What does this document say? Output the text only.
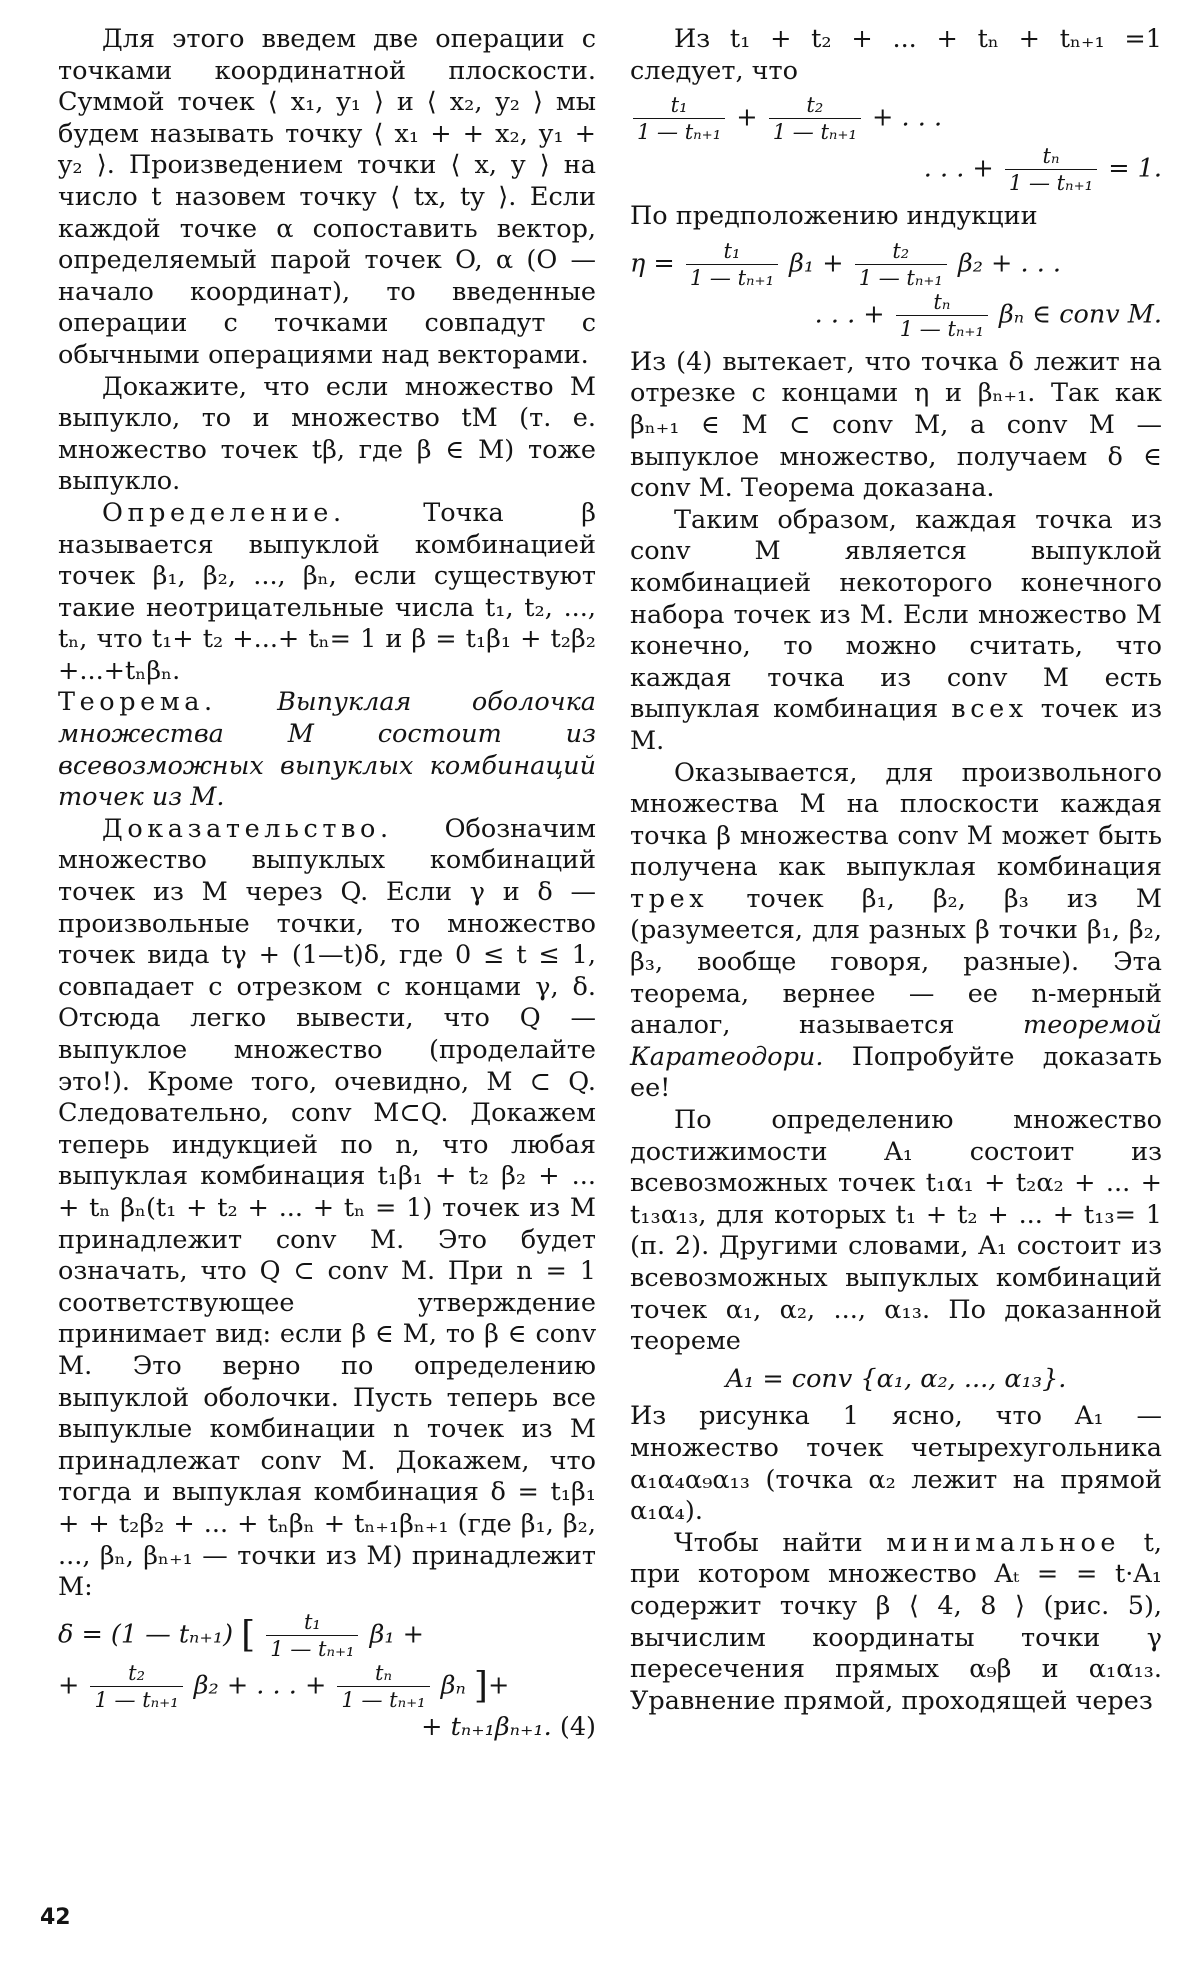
Для этого введем две операции с точками координатной плоскости. Суммой точек ⟨ x₁, y₁ ⟩ и ⟨ x₂, y₂ ⟩ мы будем называть точку ⟨ x₁ + + x₂, y₁ + y₂ ⟩. Произведением точки ⟨ x, y ⟩ на число t назовем точку ⟨ tx, ty ⟩. Если каждой точке α сопоставить вектор, определяемый парой точек O, α (O — начало координат), то введенные операции с точками совпадут с обычными операциями над векторами.

Докажите, что если множество M выпукло, то и множество tM (т. е. множество точек tβ, где β ∈ M) тоже выпукло.

Определение.	Точка β называется выпуклой комбинацией точек β₁, β₂, ..., βₙ, если существуют такие неотрицательные числа t₁, t₂, ..., tₙ, что t₁+ t₂ +...+ tₙ= 1 и β = t₁β₁ + t₂β₂ +...+tₙβₙ.

Теорема. Выпуклая оболочка множества M состоит из всевозможных выпуклых комбинаций точек из M.

Доказательство. Обозначим множество выпуклых комбинаций точек из M через Q. Если γ и δ — произвольные точки, то множество точек вида tγ + (1—t)δ, где 0 ≤ t ≤ 1, совпадает с отрезком с концами γ, δ. Отсюда легко вывести, что Q — выпуклое множество (проделайте это!). Кроме того, очевидно, M ⊂ Q. Следовательно, conv M⊂Q. Докажем теперь индукцией по n, что любая выпуклая комбинация t₁β₁ + t₂ β₂ + ... + tₙ βₙ(t₁ + t₂ + ... + tₙ = 1) точек из M принадлежит conv M. Это будет означать, что Q ⊂ conv M. При n = 1 соответствующее утверждение принимает вид: если β ∈ M, то β ∈ conv M. Это верно по определению выпуклой оболочки. Пусть теперь все выпуклые комбинации n точек из M принадлежат conv M. Докажем, что тогда и выпуклая комбинация δ = t₁β₁ + + t₂β₂ + ... + tₙβₙ + tₙ₊₁βₙ₊₁ (где β₁, β₂, ..., βₙ, βₙ₊₁ — точки из M) принадлежит M:

δ = (1 — tₙ₊₁) [ $\frac{\text{t₁}}{\text{1 — tₙ₊₁}} \beta_1$ +
+ $\frac{\text{t₂}}{\text{1 — tₙ₊₁}} \beta_2$ + . . . + $\frac{\text{tₙ}}{\text{1 — tₙ₊₁}}$ βₙ ]+
+ tₙ₊₁βₙ₊₁. (4)

Из t₁ + t₂ + ... + tₙ + tₙ₊₁ =1 следует, что

$\frac{\text{t₁}}{\text{1 — tₙ₊₁}} + \frac{\text{t₂}}{\text{1 — tₙ₊₁}}$ + . . .
. . . + $\frac{\text{tₙ}}{\text{1 — tₙ₊₁}} = 1$.

По предположению индукции

$\eta = \frac{\text{t₁}}{\text{1 — tₙ₊₁}} \beta_1 + \frac{\text{t₂}}{\text{1 — tₙ₊₁}} \beta_2$ + . . .
. . . + $\frac{\text{tₙ}}{\text{1 — tₙ₊₁}}$ βₙ ∈ conv M.

Из (4) вытекает, что точка δ лежит на отрезке с концами η и βₙ₊₁. Так как βₙ₊₁ ∈ M ⊂ conv M, а conv M — выпуклое множество, получаем δ ∈ conv M. Теорема доказана.

Таким образом, каждая точка из conv M является выпуклой комбинацией некоторого конечного набора точек из M. Если множество M конечно, то можно считать, что каждая точка из conv M есть выпуклая комбинация всех точек из M.

Оказывается, для произвольного множества M на плоскости каждая точка β множества conv M может быть получена как выпуклая комбинация трех точек β₁, β₂, β₃ из M (разумеется, для разных β точки β₁, β₂, β₃, вообще говоря, разные). Эта теорема, вернее — ее n-мерный аналог, называется	теоремой Каратеодори. Попробуйте доказать ее!

По определению множество достижимости A₁ состоит из всевозможных точек t₁α₁ + t₂α₂ + ... + t₁₃α₁₃, для которых t₁ + t₂ + ... + t₁₃= 1 (п. 2). Другими словами, A₁ состоит из всевозможных выпуклых комбинаций точек α₁, α₂, ..., α₁₃. По доказанной теореме

A₁ = conv {α₁, α₂, ..., α₁₃}.

Из рисунка 1 ясно, что A₁ — множество точек четырехугольника α₁α₄α₉α₁₃ (точка α₂ лежит на прямой α₁α₄).

Чтобы найти минимальное t, при котором множество Aₜ = = t·A₁ содержит точку β ⟨ 4, 8 ⟩ (рис. 5), вычислим координаты точки γ пересечения прямых α₉β и α₁α₁₃. Уравнение прямой, проходящей через

42
